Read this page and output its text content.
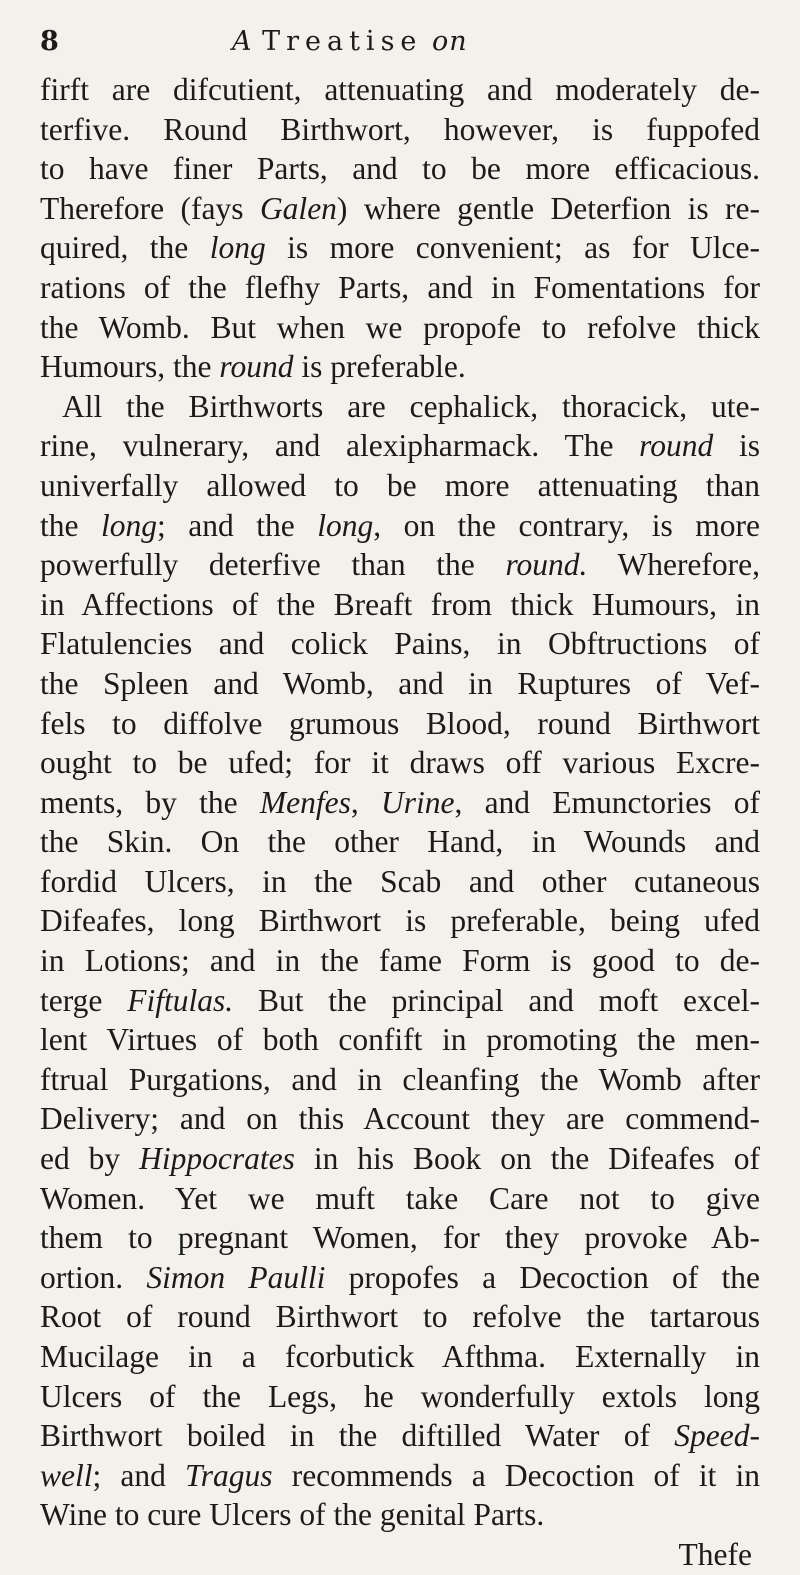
8	A Treatise on
firft are difcutient, attenuating and moderately de-
terfive. Round Birthwort, however, is fuppofed
to have finer Parts, and to be more efficacious.
Therefore (fays Galen) where gentle Deterfion is re-
quired, the long is more convenient; as for Ulce-
rations of the flefhy Parts, and in Fomentations for
the Womb. But when we propofe to refolve thick
Humours, the round is preferable.
All the Birthworts are cephalick, thoracick, ute-
rine, vulnerary, and alexipharmack. The round is
univerfally allowed to be more attenuating than
the long; and the long, on the contrary, is more
powerfully deterfive than the round. Wherefore,
in Affections of the Breaft from thick Humours, in
Flatulencies and colick Pains, in Obftructions of
the Spleen and Womb, and in Ruptures of Vef-
fels to diffolve grumous Blood, round Birthwort
ought to be ufed; for it draws off various Excre-
ments, by the Menfes, Urine, and Emunctories of
the Skin. On the other Hand, in Wounds and
fordid Ulcers, in the Scab and other cutaneous
Difeafes, long Birthwort is preferable, being ufed
in Lotions; and in the fame Form is good to de-
terge Fiftulas. But the principal and moft excel-
lent Virtues of both confift in promoting the men-
ftrual Purgations, and in cleanfing the Womb after
Delivery; and on this Account they are commend-
ed by Hippocrates in his Book on the Difeafes of
Women. Yet we muft take Care not to give
them to pregnant Women, for they provoke Ab-
ortion. Simon Paulli propofes a Decoction of the
Root of round Birthwort to refolve the tartarous
Mucilage in a fcorbutick Afthma. Externally in
Ulcers of the Legs, he wonderfully extols long
Birthwort boiled in the diftilled Water of Speed-
well; and Tragus recommends a Decoction of it in
Wine to cure Ulcers of the genital Parts.
Thefe
